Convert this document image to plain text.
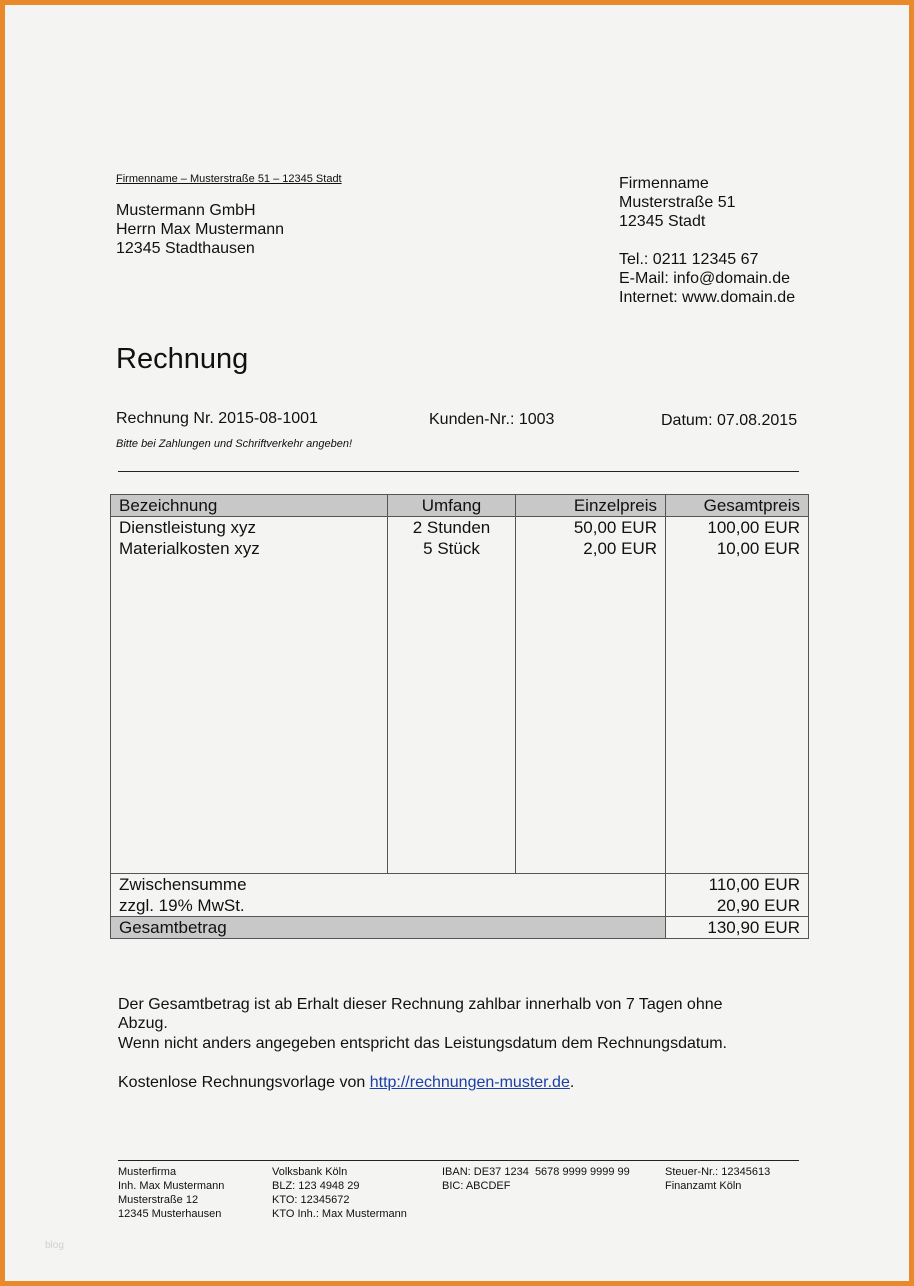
Firmenname – Musterstraße 51 – 12345 Stadt
Mustermann GmbH
Herrn Max Mustermann
12345 Stadthausen
Firmenname
Musterstraße 51
12345 Stadt
Tel.: 0211 12345 67
E-Mail: info@domain.de
Internet: www.domain.de
Rechnung
Rechnung Nr. 2015-08-1001	Kunden-Nr.: 1003	Datum: 07.08.2015
Bitte bei Zahlungen und Schriftverkehr angeben!
Bezeichnung	Umfang	Einzelpreis	Gesamtpreis
Dienstleistung xyz	2 Stunden	50,00 EUR	100,00 EUR
Materialkosten xyz	5 Stück	2,00 EUR	10,00 EUR

Zwischensumme			110,00 EUR
zzgl. 19% MwSt.			20,90 EUR
Gesamtbetrag			130,90 EUR
Der Gesamtbetrag ist ab Erhalt dieser Rechnung zahlbar innerhalb von 7 Tagen ohne Abzug.
Wenn nicht anders angegeben entspricht das Leistungsdatum dem Rechnungsdatum.
Kostenlose Rechnungsvorlage von http://rechnungen-muster.de.
Musterfirma
Inh. Max Mustermann
Musterstraße 12
12345 Musterhausen
Volksbank Köln
BLZ: 123 4948 29
KTO: 12345672
KTO Inh.: Max Mustermann
IBAN: DE37 1234  5678 9999 9999 99
BIC: ABCDEF
Steuer-Nr.: 12345613
Finanzamt Köln
blog
